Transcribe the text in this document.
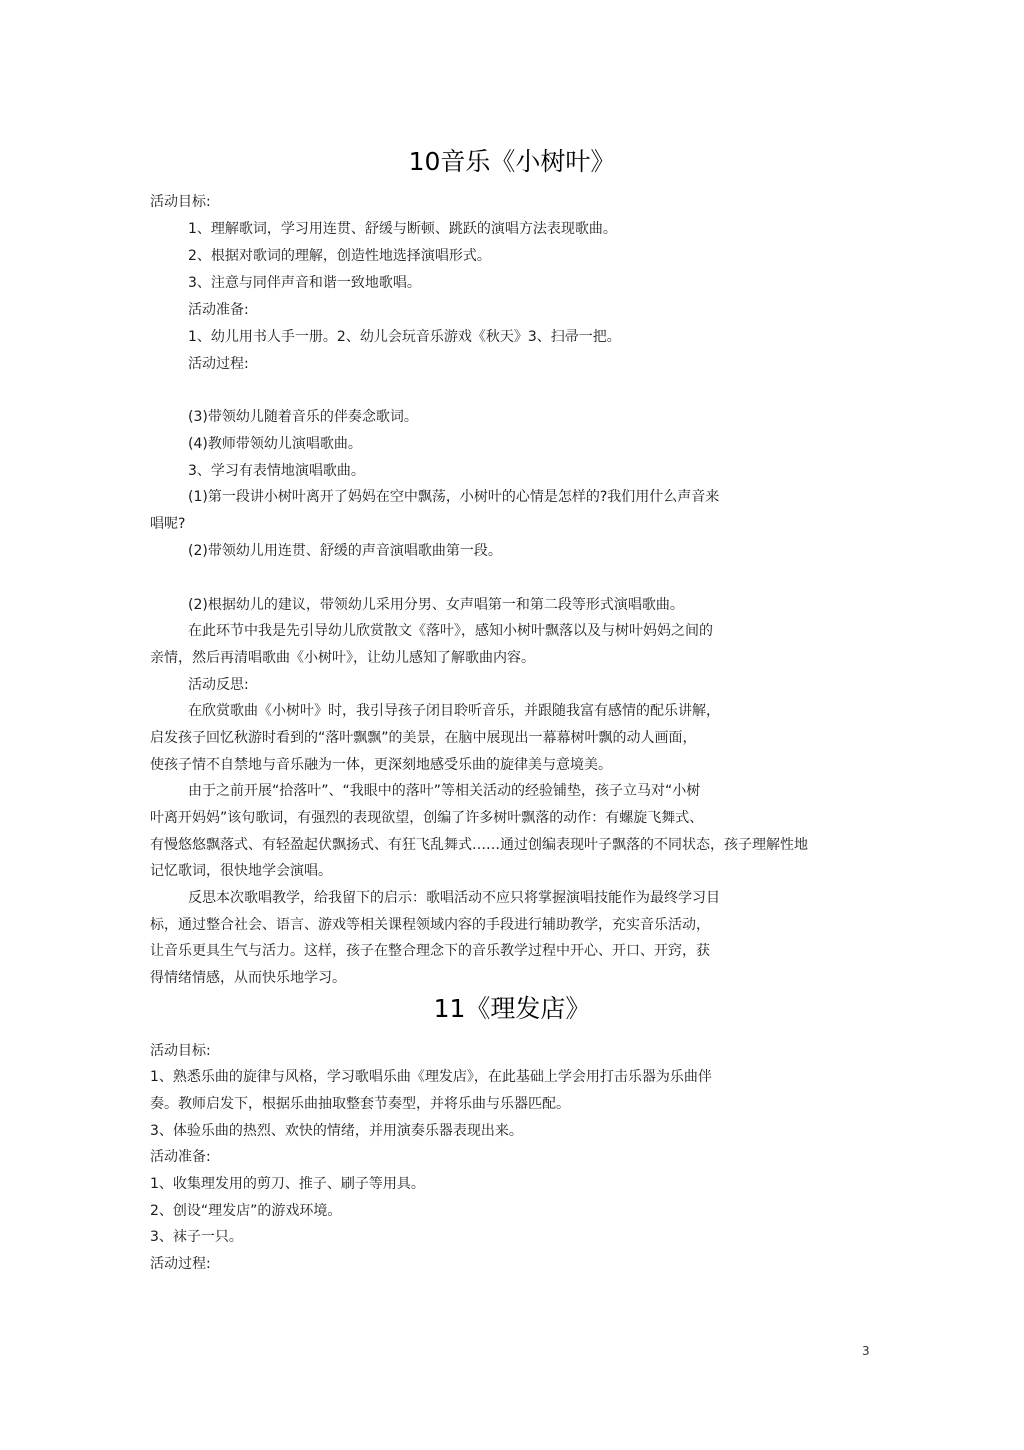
10音乐《小树叶》
活动目标:
1、理解歌词，学习用连贯、舒缓与断顿、跳跃的演唱方法表现歌曲。
2、根据对歌词的理解，创造性地选择演唱形式。
3、注意与同伴声音和谐一致地歌唱。
活动准备:
1、幼儿用书人手一册。2、幼儿会玩音乐游戏《秋天》3、扫帚一把。
活动过程:
(3)带领幼儿随着音乐的伴奏念歌词。
(4)教师带领幼儿演唱歌曲。
3、学习有表情地演唱歌曲。
(1)第一段讲小树叶离开了妈妈在空中飘荡，小树叶的心情是怎样的?我们用什么声音来
唱呢?
(2)带领幼儿用连贯、舒缓的声音演唱歌曲第一段。
(2)根据幼儿的建议，带领幼儿采用分男、女声唱第一和第二段等形式演唱歌曲。
在此环节中我是先引导幼儿欣赏散文《落叶》，感知小树叶飘落以及与树叶妈妈之间的
亲情，然后再清唱歌曲《小树叶》，让幼儿感知了解歌曲内容。
活动反思:
在欣赏歌曲《小树叶》时，我引导孩子闭目聆听音乐，并跟随我富有感情的配乐讲解，
启发孩子回忆秋游时看到的“落叶飘飘”的美景，在脑中展现出一幕幕树叶飘的动人画面，
使孩子情不自禁地与音乐融为一体，更深刻地感受乐曲的旋律美与意境美。
由于之前开展“拾落叶”、“我眼中的落叶”等相关活动的经验铺垫，孩子立马对“小树
叶离开妈妈”该句歌词，有强烈的表现欲望，创编了许多树叶飘落的动作：有螺旋飞舞式、
有慢悠悠飘落式、有轻盈起伏飘扬式、有狂飞乱舞式……通过创编表现叶子飘落的不同状态，孩子理解性地
记忆歌词，很快地学会演唱。
反思本次歌唱教学，给我留下的启示：歌唱活动不应只将掌握演唱技能作为最终学习目
标，通过整合社会、语言、游戏等相关课程领域内容的手段进行辅助教学，充实音乐活动，
让音乐更具生气与活力。这样，孩子在整合理念下的音乐教学过程中开心、开口、开窍，获
得情绪情感，从而快乐地学习。
11《理发店》
活动目标:
1、熟悉乐曲的旋律与风格，学习歌唱乐曲《理发店》，在此基础上学会用打击乐器为乐曲伴
奏。教师启发下，根据乐曲抽取整套节奏型，并将乐曲与乐器匹配。
3、体验乐曲的热烈、欢快的情绪，并用演奏乐器表现出来。
活动准备:
1、收集理发用的剪刀、推子、刷子等用具。
2、创设“理发店”的游戏环境。
3、袜子一只。
活动过程:
3
